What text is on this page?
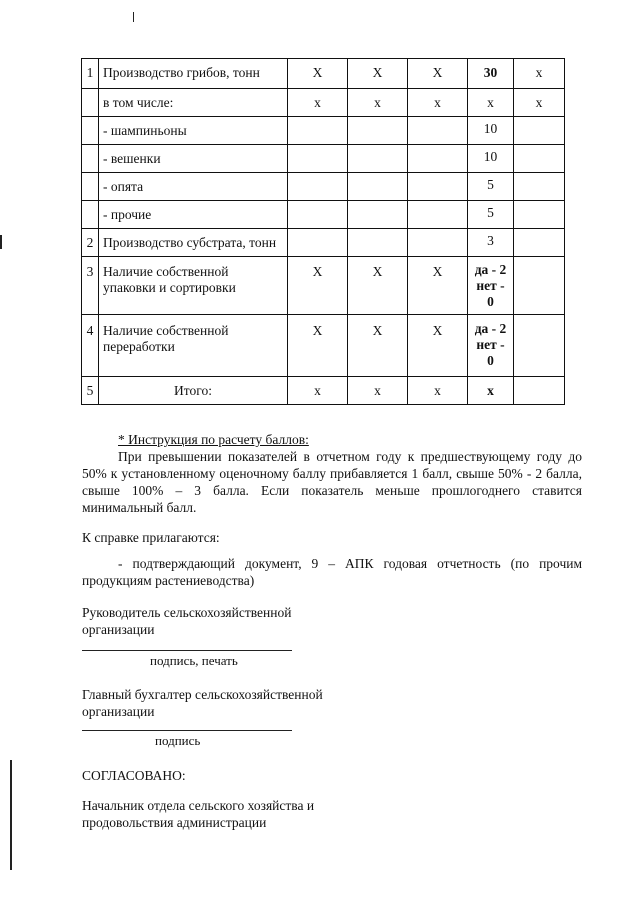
1	Производство грибов, тонн	Х	Х	Х	30	х
	в том числе:	х	х	х	х	х
	- шампиньоны				10	
	- вешенки				10	
	- опята				5	
	- прочие				5	
2	Производство субстрата, тонн				3	
3	Наличие собственной упаковки и сортировки	Х	Х	Х	да - 2 нет - 0	
4	Наличие собственной переработки	Х	Х	Х	да - 2 нет - 0	
5	Итого:	х	х	х	х	
* Инструкция по расчету баллов:
При превышении показателей в отчетном году к предшествующему году до 50% к установленному оценочному баллу прибавляется 1 балл, свыше 50% - 2 балла, свыше 100% – 3 балла. Если показатель меньше прошлогоднего ставится минимальный балл.
К справке прилагаются:
- подтверждающий документ, 9 – АПК годовая отчетность (по прочим продукциям растениеводства)
Руководитель сельскохозяйственной организации
подпись, печать
Главный бухгалтер сельскохозяйственной организации
подпись
СОГЛАСОВАНО:
Начальник отдела сельского хозяйства и продовольствия администрации
